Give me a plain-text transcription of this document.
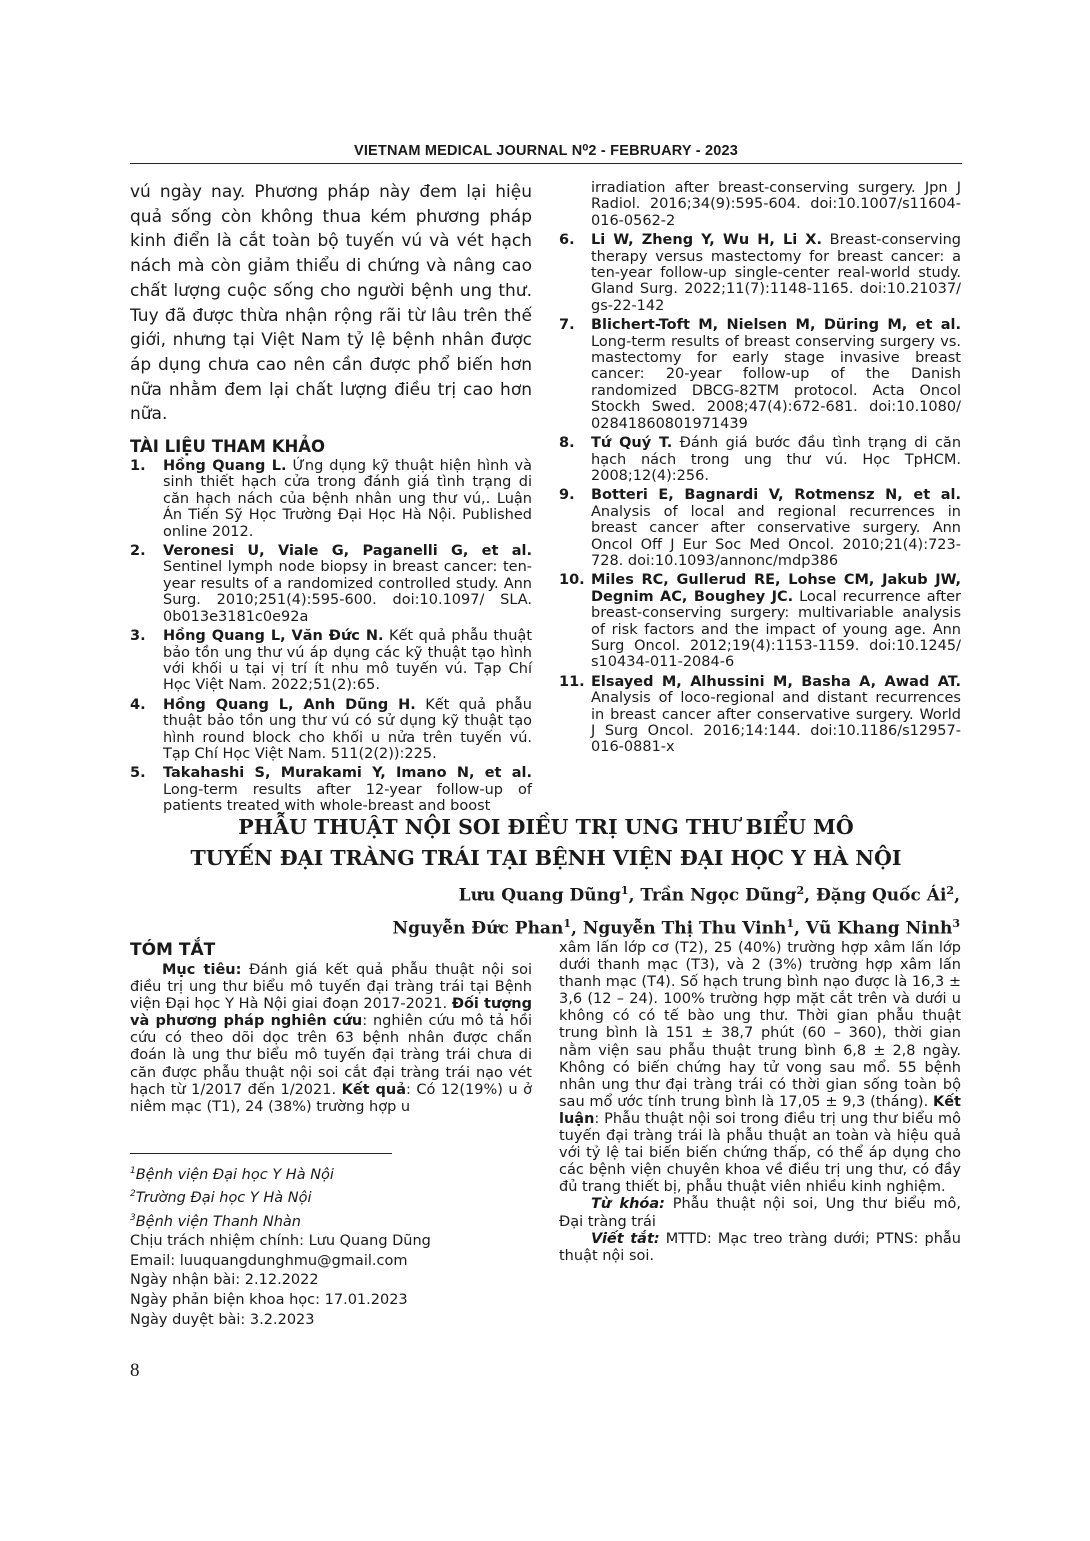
VIETNAM MEDICAL JOURNAL N⁰2 - FEBRUARY - 2023

vú ngày nay. Phương pháp này đem lại hiệu quả sống còn không thua kém phương pháp kinh điển là cắt toàn bộ tuyến vú và vét hạch nách mà còn giảm thiểu di chứng và nâng cao chất lượng cuộc sống cho người bệnh ung thư. Tuy đã được thừa nhận rộng rãi từ lâu trên thế giới, nhưng tại Việt Nam tỷ lệ bệnh nhân được áp dụng chưa cao nên cần được phổ biến hơn nữa nhằm đem lại chất lượng điều trị cao hơn nữa.

TÀI LIỆU THAM KHẢO
1.	Hồng Quang L. Ứng dụng kỹ thuật hiện hình và sinh thiết hạch cửa trong đánh giá tình trạng di căn hạch nách của bệnh nhân ung thư vú,. Luận Án Tiến Sỹ Học Trường Đại Học Hà Nội. Published online 2012.
2.	Veronesi U, Viale G, Paganelli G, et al. Sentinel lymph node biopsy in breast cancer: ten-year results of a randomized controlled study. Ann Surg. 2010;251(4):595-600. doi:10.1097/ SLA. 0b013e3181c0e92a
3.	Hồng Quang L, Văn Đức N. Kết quả phẫu thuật bảo tồn ung thư vú áp dụng các kỹ thuật tạo hình với khối u tại vị trí ít nhu mô tuyến vú. Tạp Chí Học Việt Nam. 2022;51(2):65.
4.	Hồng Quang L, Anh Dũng H. Kết quả phẫu thuật bảo tồn ung thư vú có sử dụng kỹ thuật tạo hình round block cho khối u nửa trên tuyến vú. Tạp Chí Học Việt Nam. 511(2(2)):225.
5.	Takahashi S, Murakami Y, Imano N, et al. Long-term results after 12-year follow-up of patients treated with whole-breast and boost
irradiation after breast-conserving surgery. Jpn J Radiol. 2016;34(9):595-604. doi:10.1007/s11604-016-0562-2
6.	Li W, Zheng Y, Wu H, Li X. Breast-conserving therapy versus mastectomy for breast cancer: a ten-year follow-up single-center real-world study. Gland Surg. 2022;11(7):1148-1165. doi:10.21037/ gs-22-142
7.	Blichert-Toft M, Nielsen M, Düring M, et al. Long-term results of breast conserving surgery vs. mastectomy for early stage invasive breast cancer: 20-year follow-up of the Danish randomized DBCG-82TM protocol. Acta Oncol Stockh Swed. 2008;47(4):672-681. doi:10.1080/ 02841860801971439
8.	Tứ Quý T. Đánh giá bước đầu tình trạng di căn hạch nách trong ung thư vú. Học TpHCM. 2008;12(4):256.
9.	Botteri E, Bagnardi V, Rotmensz N, et al. Analysis of local and regional recurrences in breast cancer after conservative surgery. Ann Oncol Off J Eur Soc Med Oncol. 2010;21(4):723-728. doi:10.1093/annonc/mdp386
10. Miles RC, Gullerud RE, Lohse CM, Jakub JW, Degnim AC, Boughey JC. Local recurrence after breast-conserving surgery: multivariable analysis of risk factors and the impact of young age. Ann Surg Oncol. 2012;19(4):1153-1159. doi:10.1245/ s10434-011-2084-6
11. Elsayed M, Alhussini M, Basha A, Awad AT. Analysis of loco-regional and distant recurrences in breast cancer after conservative surgery. World J Surg Oncol. 2016;14:144. doi:10.1186/s12957-016-0881-x
PHẪU THUẬT NỘI SOI ĐIỀU TRỊ UNG THƯ BIỂU MÔ
TUYẾN ĐẠI TRÀNG TRÁI TẠI BỆNH VIỆN ĐẠI HỌC Y HÀ NỘI
Lưu Quang Dũng$^1$, Trần Ngọc Dũng$^2$, Đặng Quốc $Ái^2$,
Nguyễn Đức Phan$^1$, Nguyễn Thị Thu Vinh$^1$, Vũ Khang Ninh$^3$
TÓM TẮT

Mục tiêu: Đánh giá kết quả phẫu thuật nội soi điều trị ung thư biểu mô tuyến đại tràng trái tại Bệnh viện Đại học Y Hà Nội giai đoạn 2017-2021. Đối tượng và phương pháp nghiên cứu: nghiên cứu mô tả hồi cứu có theo dõi dọc trên 63 bệnh nhân được chẩn đoán là ung thư biểu mô tuyến đại tràng trái chưa di căn được phẫu thuật nội soi cắt đại tràng trái nạo vét hạch từ 1/2017 đến 1/2021. Kết quả: Có 12(19%) u ở niêm mạc (T1), 24 (38%) trường hợp u

xâm lấn lớp cơ (T2), 25 (40%) trường hợp xâm lấn lớp dưới thanh mạc (T3), và 2 (3%) trường hợp xâm lấn thanh mạc (T4). Số hạch trung bình nạo được là 16,3 ± 3,6 (12 – 24). 100% trường hợp mặt cắt trên và dưới u không có có tế bào ung thư. Thời gian phẫu thuật trung bình là 151 ± 38,7 phút (60 – 360), thời gian nằm viện sau phẫu thuật trung bình 6,8 ± 2,8 ngày. Không có biến chứng hay tử vong sau mổ. 55 bệnh nhân ung thư đại tràng trái có thời gian sống toàn bộ sau mổ ước tính trung bình là 17,05 ± 9,3 (tháng). Kết luận: Phẫu thuật nội soi trong điều trị ung thư biểu mô tuyến đại tràng trái là phẫu thuật an toàn và hiệu quả với tỷ lệ tai biến biến chứng thấp, có thể áp dụng cho các bệnh viện chuyên khoa về điều trị ung thư, có đầy đủ trang thiết bị, phẫu thuật viên nhiều kinh nghiệm.

Từ khóa: Phẫu thuật nội soi, Ung thư biểu mô, Đại tràng trái

Viết tắt: MTTD: Mạc treo tràng dưới; PTNS: phẫu thuật nội soi.

$^1$Bệnh viện Đại học Y Hà Nội
$^2$Trường Đại học Y Hà Nội
$^3$Bệnh viện Thanh Nhàn
Chịu trách nhiệm chính: Lưu Quang Dũng
Email: luuquangdunghmu@gmail.com
Ngày nhận bài: 2.12.2022
Ngày phản biện khoa học: 17.01.2023
Ngày duyệt bài: 3.2.2023
8
